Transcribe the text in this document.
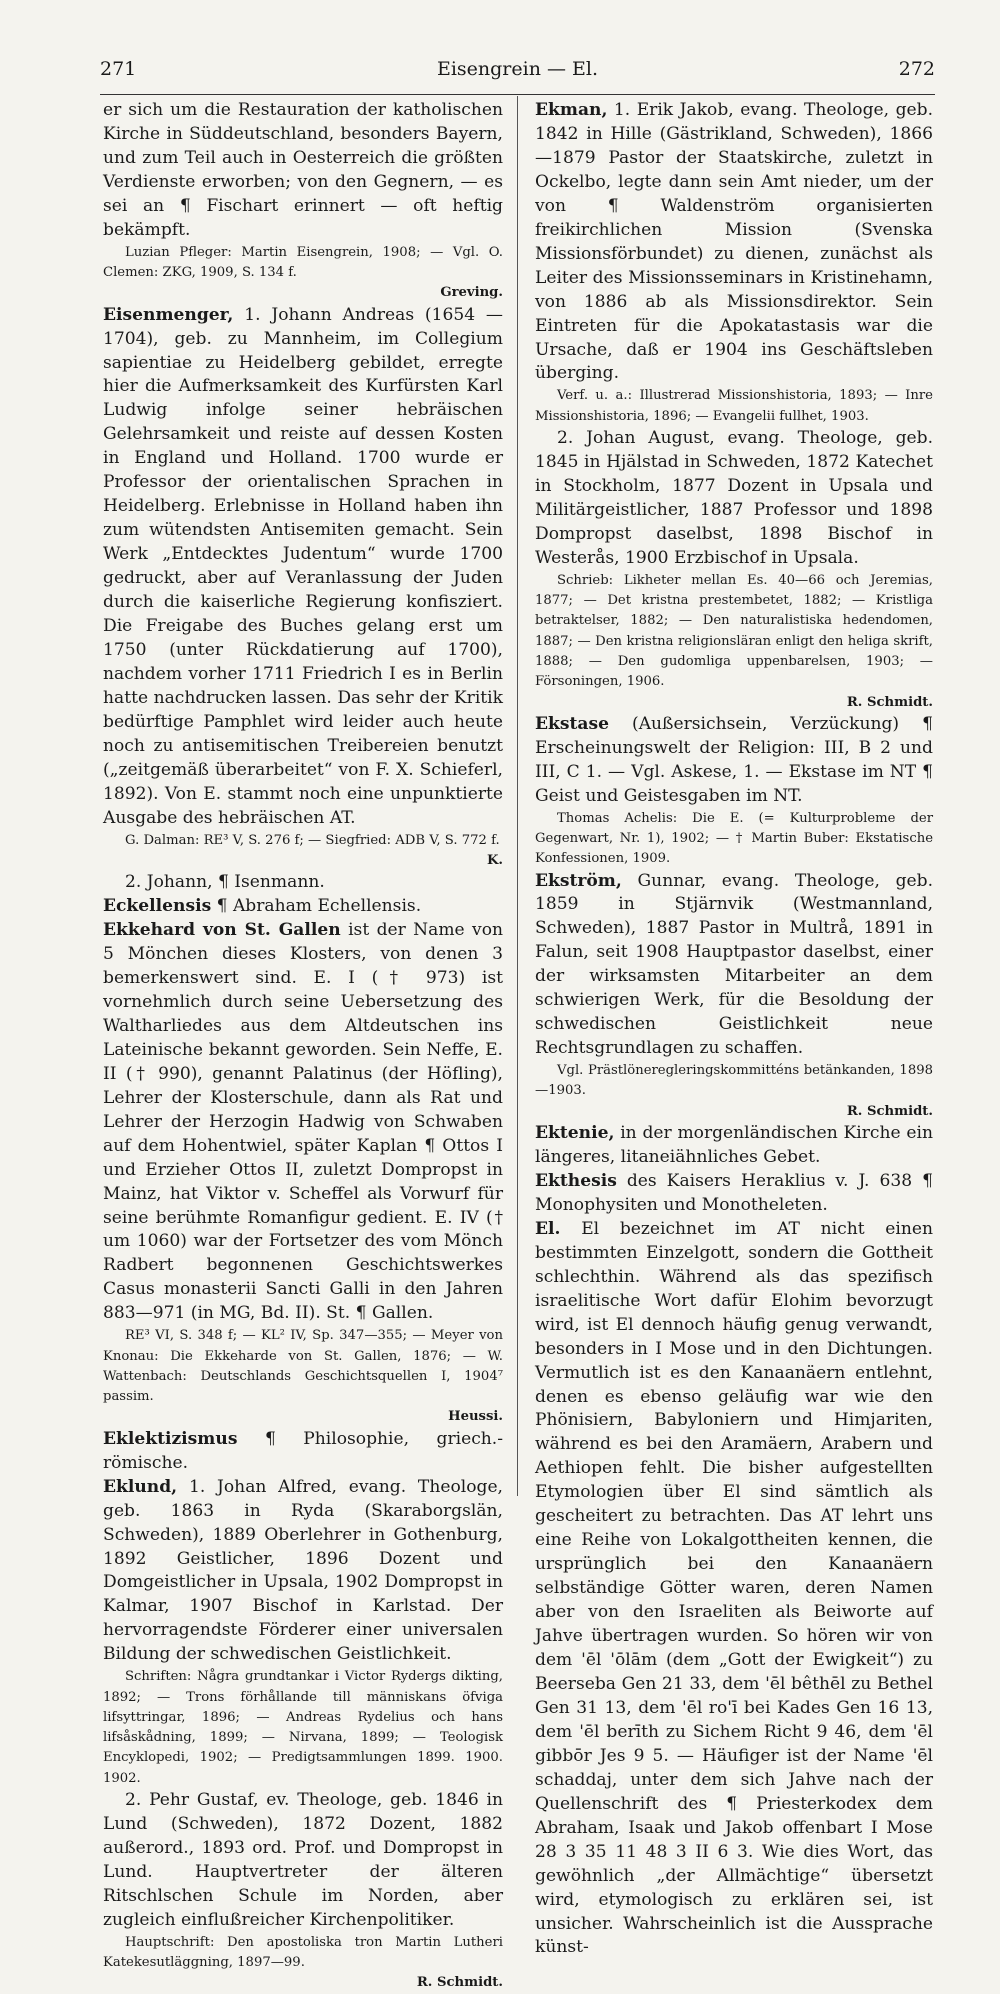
271	Eisengrein — El.	272

er sich um die Restauration der katholischen Kirche in Süddeutschland, besonders Bayern, und zum Teil auch in Oesterreich die größten Verdienste erworben; von den Gegnern, — es sei an ¶ Fischart erinnert — oft heftig bekämpft.

Luzian Pfleger: Martin Eisengrein, 1908; — Vgl. O. Clemen: ZKG, 1909, S. 134 f.

Greving.

Eisenmenger, 1. Johann Andreas (1654 —1704), geb. zu Mannheim, im Collegium sapientiae zu Heidelberg gebildet, erregte hier die Aufmerksamkeit des Kurfürsten Karl Ludwig infolge seiner hebräischen Gelehrsamkeit und reiste auf dessen Kosten in England und Holland. 1700 wurde er Professor der orientalischen Sprachen in Heidelberg. Erlebnisse in Holland haben ihn zum wütendsten Antisemiten gemacht. Sein Werk „Entdecktes Judentum“ wurde 1700 gedruckt, aber auf Veranlassung der Juden durch die kaiserliche Regierung konfisziert. Die Freigabe des Buches gelang erst um 1750 (unter Rückdatierung auf 1700), nachdem vorher 1711 Friedrich I es in Berlin hatte nachdrucken lassen. Das sehr der Kritik bedürftige Pamphlet wird leider auch heute noch zu antisemitischen Treibereien benutzt („zeitgemäß überarbeitet“ von F. X. Schieferl, 1892). Von E. stammt noch eine unpunktierte Ausgabe des hebräischen AT.

G. Dalman: RE³ V, S. 276 f; — Siegfried: ADB V, S. 772 f.

K.

2. Johann, ¶ Isenmann.

Eckellensis ¶ Abraham Echellensis.

Ekkehard von St. Gallen ist der Name von 5 Mönchen dieses Klosters, von denen 3 bemerkenswert sind. E. I († 973) ist vornehmlich durch seine Uebersetzung des Waltharliedes aus dem Altdeutschen ins Lateinische bekannt geworden. Sein Neffe, E. II († 990), genannt Palatinus (der Höfling), Lehrer der Klosterschule, dann als Rat und Lehrer der Herzogin Hadwig von Schwaben auf dem Hohentwiel, später Kaplan ¶ Ottos I und Erzieher Ottos II, zuletzt Dompropst in Mainz, hat Viktor v. Scheffel als Vorwurf für seine berühmte Romanfigur gedient. E. IV († um 1060) war der Fortsetzer des vom Mönch Radbert begonnenen Geschichtswerkes Casus monasterii Sancti Galli in den Jahren 883—971 (in MG, Bd. II). St. ¶ Gallen.

RE³ VI, S. 348 f; — KL² IV, Sp. 347—355; — Meyer von Knonau: Die Ekkeharde von St. Gallen, 1876; — W. Wattenbach: Deutschlands Geschichtsquellen I, 1904⁷ passim.

Heussi.

Eklektizismus ¶ Philosophie, griech.-römische.

Eklund, 1. Johan Alfred, evang. Theologe, geb. 1863 in Ryda (Skaraborgslän, Schweden), 1889 Oberlehrer in Gothenburg, 1892 Geistlicher, 1896 Dozent und Domgeistlicher in Upsala, 1902 Dompropst in Kalmar, 1907 Bischof in Karlstad. Der hervorragendste Förderer einer universalen Bildung der schwedischen Geistlichkeit.

Schriften: Några grundtankar i Victor Rydergs dikting, 1892; — Trons förhållande till människans öfviga lifsyttringar, 1896; — Andreas Rydelius och hans lifsåskådning, 1899; — Nirvana, 1899; — Teologisk Encyklopedi, 1902; — Predigtsammlungen 1899. 1900. 1902.

2. Pehr Gustaf, ev. Theologe, geb. 1846 in Lund (Schweden), 1872 Dozent, 1882 außerord., 1893 ord. Prof. und Dompropst in Lund. Hauptvertreter der älteren Ritschlschen Schule im Norden, aber zugleich einflußreicher Kirchenpolitiker.

Hauptschrift: Den apostoliska tron Martin Lutheri Katekesutläggning, 1897—99.

R. Schmidt.

Ekman, 1. Erik Jakob, evang. Theologe, geb. 1842 in Hille (Gästrikland, Schweden), 1866 —1879 Pastor der Staatskirche, zuletzt in Ockelbo, legte dann sein Amt nieder, um der von ¶ Waldenström organisierten freikirchlichen Mission (Svenska Missionsförbundet) zu dienen, zunächst als Leiter des Missionsseminars in Kristinehamn, von 1886 ab als Missionsdirektor. Sein Eintreten für die Apokatastasis war die Ursache, daß er 1904 ins Geschäftsleben überging.

Verf. u. a.: Illustrerad Missionshistoria, 1893; — Inre Missionshistoria, 1896; — Evangelii fullhet, 1903.

2. Johan August, evang. Theologe, geb. 1845 in Hjälstad in Schweden, 1872 Katechet in Stockholm, 1877 Dozent in Upsala und Militärgeistlicher, 1887 Professor und 1898 Dompropst daselbst, 1898 Bischof in Westerås, 1900 Erzbischof in Upsala.

Schrieb: Likheter mellan Es. 40—66 och Jeremias, 1877; — Det kristna prestembetet, 1882; — Kristliga betraktelser, 1882; — Den naturalistiska hedendomen, 1887; — Den kristna religionsläran enligt den heliga skrift, 1888; — Den gudomliga uppenbarelsen, 1903; — Försoningen, 1906.

R. Schmidt.

Ekstase (Außersichsein, Verzückung) ¶ Erscheinungswelt der Religion: III, B 2 und III, C 1. — Vgl. Askese, 1. — Ekstase im NT ¶ Geist und Geistesgaben im NT.

Thomas Achelis: Die E. (= Kulturprobleme der Gegenwart, Nr. 1), 1902; — † Martin Buber: Ekstatische Konfessionen, 1909.

Ekström, Gunnar, evang. Theologe, geb. 1859 in Stjärnvik (Westmannland, Schweden), 1887 Pastor in Multrå, 1891 in Falun, seit 1908 Hauptpastor daselbst, einer der wirksamsten Mitarbeiter an dem schwierigen Werk, für die Besoldung der schwedischen Geistlichkeit neue Rechtsgrundlagen zu schaffen.

Vgl. Prästlöneregleringskommitténs betänkanden, 1898 —1903.

R. Schmidt.

Ektenie, in der morgenländischen Kirche ein längeres, litaneiähnliches Gebet.

Ekthesis des Kaisers Heraklius v. J. 638 ¶ Monophysiten und Monotheleten.

El. El bezeichnet im AT nicht einen bestimmten Einzelgott, sondern die Gottheit schlechthin. Während als das spezifisch israelitische Wort dafür Elohim bevorzugt wird, ist El dennoch häufig genug verwandt, besonders in I Mose und in den Dichtungen. Vermutlich ist es den Kanaanäern entlehnt, denen es ebenso geläufig war wie den Phönisiern, Babyloniern und Himjariten, während es bei den Aramäern, Arabern und Aethiopen fehlt. Die bisher aufgestellten Etymologien über El sind sämtlich als gescheitert zu betrachten. Das AT lehrt uns eine Reihe von Lokalgottheiten kennen, die ursprünglich bei den Kanaanäern selbständige Götter waren, deren Namen aber von den Israeliten als Beiworte auf Jahve übertragen wurden. So hören wir von dem 'ēl 'ōlām (dem „Gott der Ewigkeit“) zu Beerseba Gen 21 33, dem 'ēl bêthēl zu Bethel Gen 31 13, dem 'ēl ro'ī bei Kades Gen 16 13, dem 'ēl berīth zu Sichem Richt 9 46, dem 'ēl gibbōr Jes 9 5. — Häufiger ist der Name 'ēl schaddaj, unter dem sich Jahve nach der Quellenschrift des ¶ Priesterkodex dem Abraham, Isaak und Jakob offenbart I Mose 28 3 35 11 48 3 II 6 3. Wie dies Wort, das gewöhnlich „der Allmächtige“ übersetzt wird, etymologisch zu erklären sei, ist unsicher. Wahrscheinlich ist die Aussprache künst-
